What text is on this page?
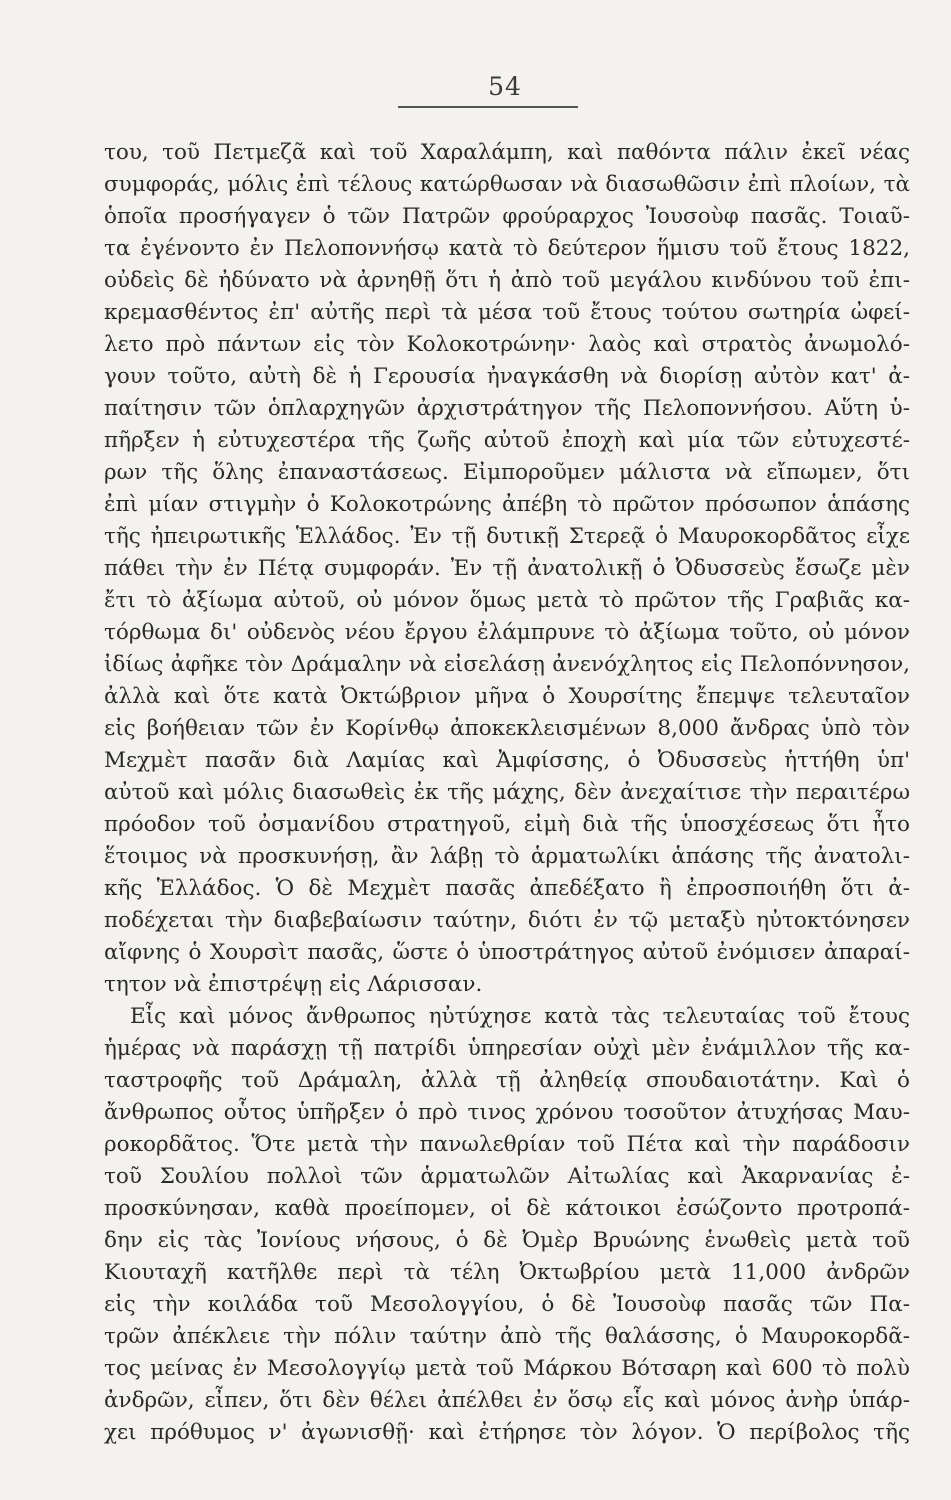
54
του, τοῦ Πετμεζᾶ καὶ τοῦ Χαραλάμπη, καὶ παθόντα πάλιν ἐκεῖ νέας
συμφοράς, μόλις ἐπὶ τέλους κατώρθωσαν νὰ διασωθῶσιν ἐπὶ πλοίων, τὰ
ὁποῖα προσήγαγεν ὁ τῶν Πατρῶν φρούραρχος Ἰουσοὺφ πασᾶς. Τοιαῦ-
τα ἐγένοντο ἐν Πελοποννήσῳ κατὰ τὸ δεύτερον ἥμισυ τοῦ ἔτους 1822,
οὐδεὶς δὲ ἠδύνατο νὰ ἀρνηθῇ ὅτι ἡ ἀπὸ τοῦ μεγάλου κινδύνου τοῦ ἐπι-
κρεμασθέντος ἐπ' αὐτῆς περὶ τὰ μέσα τοῦ ἔτους τούτου σωτηρία ὠφεί-
λετο πρὸ πάντων εἰς τὸν Κολοκοτρώνην· λαὸς καὶ στρατὸς ἀνωμολό-
γουν τοῦτο, αὐτὴ δὲ ἡ Γερουσία ἠναγκάσθη νὰ διορίσῃ αὐτὸν κατ' ἀ-
παίτησιν τῶν ὁπλαρχηγῶν ἀρχιστράτηγον τῆς Πελοποννήσου. Αὕτη ὑ-
πῆρξεν ἡ εὐτυχεστέρα τῆς ζωῆς αὐτοῦ ἐποχὴ καὶ μία τῶν εὐτυχεστέ-
ρων τῆς ὅλης ἐπαναστάσεως. Εἰμποροῦμεν μάλιστα νὰ εἴπωμεν, ὅτι
ἐπὶ μίαν στιγμὴν ὁ Κολοκοτρώνης ἀπέβη τὸ πρῶτον πρόσωπον ἁπάσης
τῆς ἠπειρωτικῆς Ἑλλάδος. Ἐν τῇ δυτικῇ Στερεᾷ ὁ Μαυροκορδᾶτος εἶχε
πάθει τὴν ἐν Πέτᾳ συμφοράν. Ἐν τῇ ἀνατολικῇ ὁ Ὀδυσσεὺς ἔσωζε μὲν
ἔτι τὸ ἀξίωμα αὐτοῦ, οὐ μόνον ὅμως μετὰ τὸ πρῶτον τῆς Γραβιᾶς κα-
τόρθωμα δι' οὐδενὸς νέου ἔργου ἐλάμπρυνε τὸ ἀξίωμα τοῦτο, οὐ μόνον
ἰδίως ἀφῆκε τὸν Δράμαλην νὰ εἰσελάσῃ ἀνενόχλητος εἰς Πελοπόννησον,
ἀλλὰ καὶ ὅτε κατὰ Ὀκτώβριον μῆνα ὁ Χουρσίτης ἔπεμψε τελευταῖον
εἰς βοήθειαν τῶν ἐν Κορίνθῳ ἀποκεκλεισμένων 8,000 ἄνδρας ὑπὸ τὸν
Μεχμὲτ πασᾶν διὰ Λαμίας καὶ Ἀμφίσσης, ὁ Ὀδυσσεὺς ἡττήθη ὑπ'
αὐτοῦ καὶ μόλις διασωθεὶς ἐκ τῆς μάχης, δὲν ἀνεχαίτισε τὴν περαιτέρω
πρόοδον τοῦ ὀσμανίδου στρατηγοῦ, εἰμὴ διὰ τῆς ὑποσχέσεως ὅτι ἦτο
ἕτοιμος νὰ προσκυνήσῃ, ἂν λάβῃ τὸ ἁρματωλίκι ἁπάσης τῆς ἀνατολι-
κῆς Ἑλλάδος. Ὁ δὲ Μεχμὲτ πασᾶς ἀπεδέξατο ἢ ἐπροσποιήθη ὅτι ἀ-
ποδέχεται τὴν διαβεβαίωσιν ταύτην, διότι ἐν τῷ μεταξὺ ηὐτοκτόνησεν
αἴφνης ὁ Χουρσὶτ πασᾶς, ὥστε ὁ ὑποστράτηγος αὐτοῦ ἐνόμισεν ἀπαραί-
τητον νὰ ἐπιστρέψῃ εἰς Λάρισσαν.
Εἷς καὶ μόνος ἄνθρωπος ηὐτύχησε κατὰ τὰς τελευταίας τοῦ ἔτους
ἡμέρας νὰ παράσχῃ τῇ πατρίδι ὑπηρεσίαν οὐχὶ μὲν ἐνάμιλλον τῆς κα-
ταστροφῆς τοῦ Δράμαλη, ἀλλὰ τῇ ἀληθείᾳ σπουδαιοτάτην. Καὶ ὁ
ἄνθρωπος οὗτος ὑπῆρξεν ὁ πρὸ τινος χρόνου τοσοῦτον ἀτυχήσας Μαυ-
ροκορδᾶτος. Ὅτε μετὰ τὴν πανωλεθρίαν τοῦ Πέτα καὶ τὴν παράδοσιν
τοῦ Σουλίου πολλοὶ τῶν ἁρματωλῶν Αἰτωλίας καὶ Ἀκαρνανίας ἐ-
προσκύνησαν, καθὰ προείπομεν, οἱ δὲ κάτοικοι ἐσώζοντο προτροπά-
δην εἰς τὰς Ἰονίους νήσους, ὁ δὲ Ὀμὲρ Βρυώνης ἑνωθεὶς μετὰ τοῦ
Κιουταχῆ κατῆλθε περὶ τὰ τέλη Ὀκτωβρίου μετὰ 11,000 ἀνδρῶν
εἰς τὴν κοιλάδα τοῦ Μεσολογγίου, ὁ δὲ Ἰουσοὺφ πασᾶς τῶν Πα-
τρῶν ἀπέκλειε τὴν πόλιν ταύτην ἀπὸ τῆς θαλάσσης, ὁ Μαυροκορδᾶ-
τος μείνας ἐν Μεσολογγίῳ μετὰ τοῦ Μάρκου Βότσαρη καὶ 600 τὸ πολὺ
ἀνδρῶν, εἶπεν, ὅτι δὲν θέλει ἀπέλθει ἐν ὅσῳ εἷς καὶ μόνος ἀνὴρ ὑπάρ-
χει πρόθυμος ν' ἀγωνισθῇ· καὶ ἐτήρησε τὸν λόγον. Ὁ περίβολος τῆς
